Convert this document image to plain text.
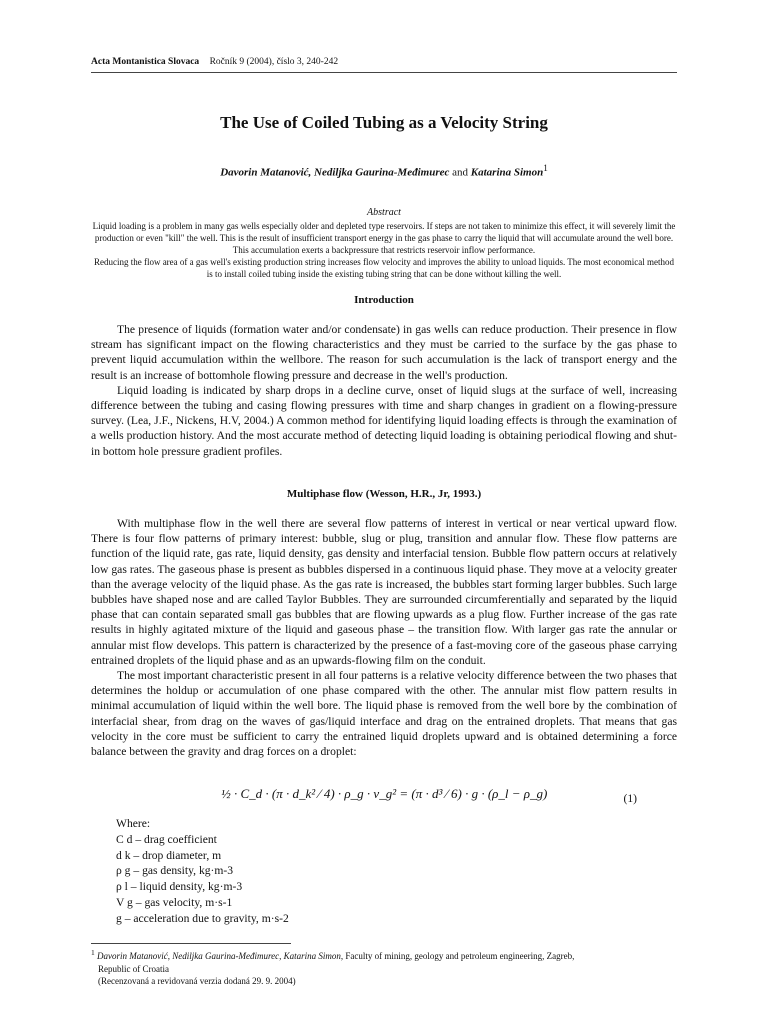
Acta Montanistica Slovaca Ročník 9 (2004), číslo 3, 240-242
The Use of Coiled Tubing as a Velocity String
Davorin Matanović, Nediljka Gaurina-Međimurec and Katarina Simon$^1$
Abstract

Liquid loading is a problem in many gas wells especially older and depleted type reservoirs. If steps are not taken to minimize this effect, it will severely limit the production or even "kill" the well. This is the result of insufficient transport energy in the gas phase to carry the liquid that will accumulate around the well bore. This accumulation exerts a backpressure that restricts reservoir inflow performance.

Reducing the flow area of a gas well's existing production string increases flow velocity and improves the ability to unload liquids. The most economical method is to install coiled tubing inside the existing tubing string that can be done without killing the well.

Introduction

The presence of liquids (formation water and/or condensate) in gas wells can reduce production. Their presence in flow stream has significant impact on the flowing characteristics and they must be carried to the surface by the gas phase to prevent liquid accumulation within the wellbore. The reason for such accumulation is the lack of transport energy and the result is an increase of bottomhole flowing pressure and decrease in the well's production.

Liquid loading is indicated by sharp drops in a decline curve, onset of liquid slugs at the surface of well, increasing difference between the tubing and casing flowing pressures with time and sharp changes in gradient on a flowing-pressure survey. (Lea, J.F., Nickens, H.V, 2004.) A common method for identifying liquid loading effects is through the examination of a wells production history. And the most accurate method of detecting liquid loading is obtaining periodical flowing and shut-in bottom hole pressure gradient profiles.

Multiphase flow (Wesson, H.R., Jr, 1993.)

With multiphase flow in the well there are several flow patterns of interest in vertical or near vertical upward flow. There is four flow patterns of primary interest: bubble, slug or plug, transition and annular flow. These flow patterns are function of the liquid rate, gas rate, liquid density, gas density and interfacial tension. Bubble flow pattern occurs at relatively low gas rates. The gaseous phase is present as bubbles dispersed in a continuous liquid phase. They move at a velocity greater than the average velocity of the liquid phase. As the gas rate is increased, the bubbles start forming larger bubbles. Such large bubbles have shaped nose and are called Taylor Bubbles. They are surrounded circumferentially and separated by the liquid phase that can contain separated small gas bubbles that are flowing upwards as a plug flow. Further increase of the gas rate results in highly agitated mixture of the liquid and gaseous phase – the transition flow. With larger gas rate the annular or annular mist flow develops. This pattern is characterized by the presence of a fast-moving core of the gaseous phase carrying entrained droplets of the liquid phase and as an upwards-flowing film on the conduit.

The most important characteristic present in all four patterns is a relative velocity difference between the two phases that determines the holdup or accumulation of one phase compared with the other. The annular mist flow pattern results in minimal accumulation of liquid within the well bore. The liquid phase is removed from the well bore by the combination of interfacial shear, from drag on the waves of gas/liquid interface and drag on the entrained droplets. That means that gas velocity in the core must be sufficient to carry the entrained liquid droplets upward and is obtained determining a force balance between the gravity and drag forces on a droplet:

½ · C_d · (π · d_k² ⁄ 4) · ρ_g · v_g² = (π · d³ ⁄ 6) · g · (ρ_l − ρ_g)	(1)
Where:
C d – drag coefficient
d k – drop diameter, m
ρ g – gas density, kg·m-3
ρ l – liquid density, kg·m-3
V g – gas velocity, m·s-1
g – acceleration due to gravity, m·s-2
$^1$ Davorin Matanović, Nediljka Gaurina-Međimurec, Katarina Simon, Faculty of mining, geology and petroleum engineering, Zagreb,
Republic of Croatia
(Recenzovaná a revidovaná verzia dodaná 29. 9. 2004)
